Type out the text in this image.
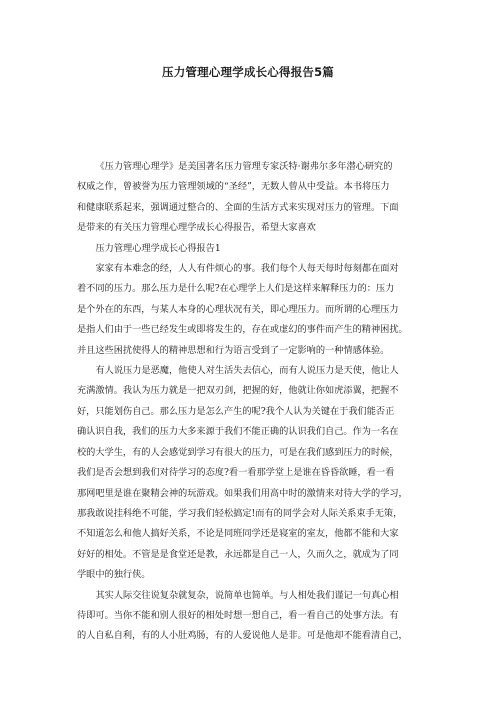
压力管理心理学成长心得报告5篇

《压力管理心理学》是美国著名压力管理专家沃特·谢弗尔多年潜心研究的
权威之作，曾被誉为压力管理领域的“圣经”，无数人曾从中受益。本书将压力
和健康联系起来，强调通过整合的、全面的生活方式来实现对压力的管理。下面
是带来的有关压力管理心理学成长心得报告，希望大家喜欢

压力管理心理学成长心得报告1

家家有本难念的经，人人有件烦心的事。我们每个人每天每时每刻都在面对
着不同的压力。那么压力是什么呢?在心理学上人们是这样来解释压力的：压力
是个外在的东西，与某人本身的心理状况有关，即心理压力。而所谓的心理压力
是指人们由于一些已经发生或即将发生的，存在或虚幻的事件而产生的精神困扰。
并且这些困扰使得人的精神思想和行为语言受到了一定影响的一种情感体验。

有人说压力是恶魔，他使人对生活失去信心，而有人说压力是天使，他让人
充满激情。我认为压力就是一把双刃剑，把握的好，他就让你如虎添翼，把握不
好，只能划伤自己。那么压力是怎么产生的呢?我个人认为关键在于我们能否正
确认识自我，我们的压力大多来源于我们不能正确的认识我们自己。作为一名在
校的大学生，有的人会感觉到学习有很大的压力，可是在我们感到压力的时候，
我们是否会想到我们对待学习的态度?看一看那学堂上是谁在昏昏欲睡，看一看
那网吧里是谁在聚精会神的玩游戏。如果我们用高中时的激情来对待大学的学习，
那我敢说挂科绝不可能，学习我们轻松搞定!而有的同学会对人际关系束手无策，
不知道怎么和他人搞好关系，不论是同班同学还是寝室的室友，他都不能和大家
好好的相处。不管是是食堂还是教，永远都是自己一人，久而久之，就成为了同
学眼中的独行侠。

其实人际交往说复杂就复杂，说简单也简单。与人相处我们谨记一句真心相
待即可。当你不能和别人很好的相处时想一想自己，看一看自己的处事方法。有
的人自私自利，有的人小肚鸡肠，有的人爱说他人是非。可是他却不能看清自己，
